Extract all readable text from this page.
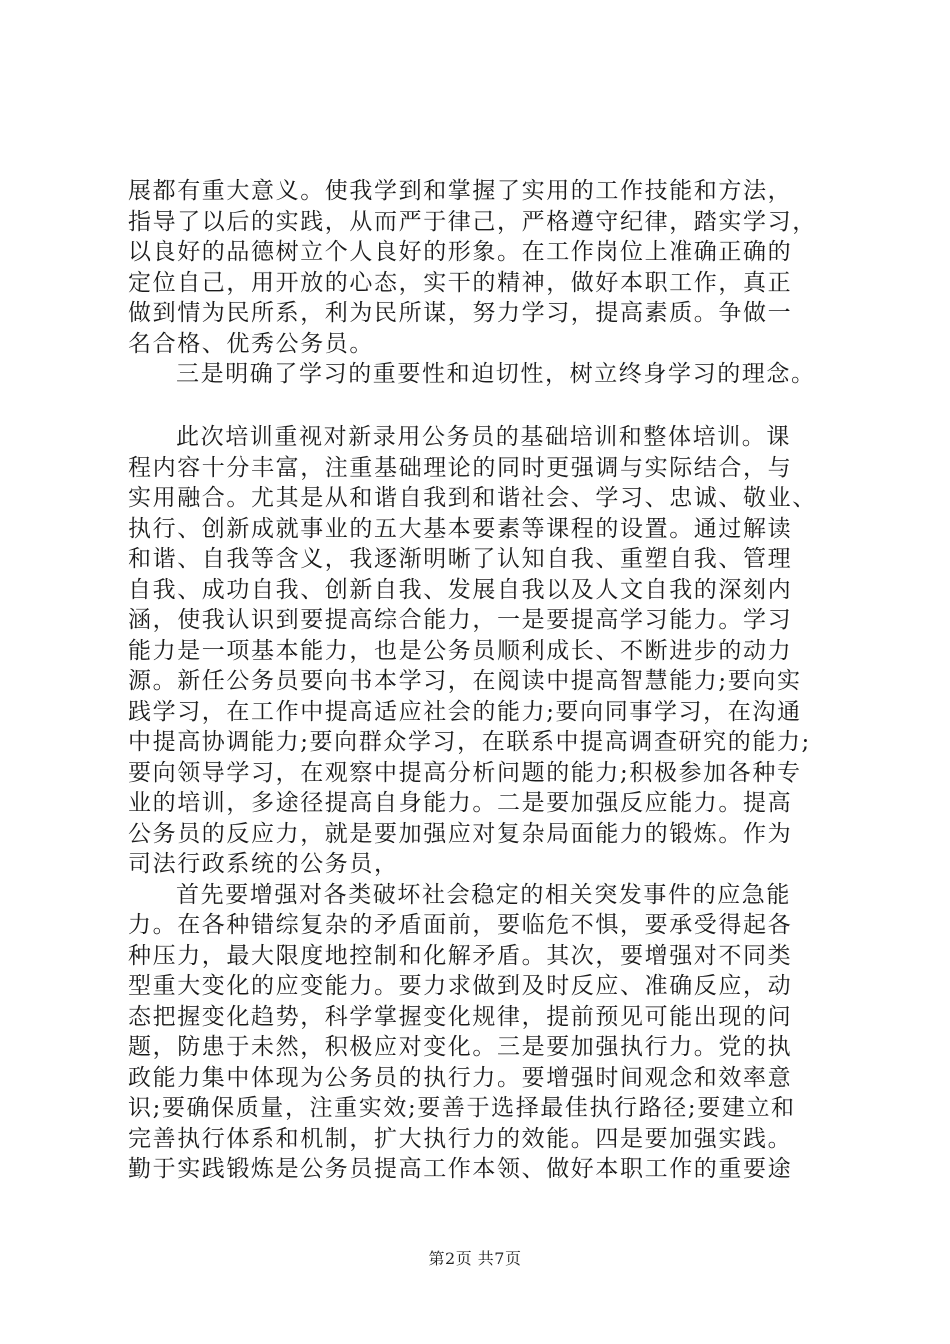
展都有重大意义。使我学到和掌握了实用的工作技能和方法，
指导了以后的实践，从而严于律己，严格遵守纪律，踏实学习，
以良好的品德树立个人良好的形象。在工作岗位上准确正确的
定位自己，用开放的心态，实干的精神，做好本职工作，真正
做到情为民所系，利为民所谋，努力学习，提高素质。争做一
名合格、优秀公务员。
三是明确了学习的重要性和迫切性，树立终身学习的理念。
此次培训重视对新录用公务员的基础培训和整体培训。课
程内容十分丰富，注重基础理论的同时更强调与实际结合，与
实用融合。尤其是从和谐自我到和谐社会、学习、忠诚、敬业、
执行、创新成就事业的五大基本要素等课程的设置。通过解读
和谐、自我等含义，我逐渐明晰了认知自我、重塑自我、管理
自我、成功自我、创新自我、发展自我以及人文自我的深刻内
涵，使我认识到要提高综合能力，一是要提高学习能力。学习
能力是一项基本能力，也是公务员顺利成长、不断进步的动力
源。新任公务员要向书本学习，在阅读中提高智慧能力;要向实
践学习，在工作中提高适应社会的能力;要向同事学习，在沟通
中提高协调能力;要向群众学习，在联系中提高调查研究的能力;
要向领导学习，在观察中提高分析问题的能力;积极参加各种专
业的培训，多途径提高自身能力。二是要加强反应能力。提高
公务员的反应力，就是要加强应对复杂局面能力的锻炼。作为
司法行政系统的公务员，
首先要增强对各类破坏社会稳定的相关突发事件的应急能
力。在各种错综复杂的矛盾面前，要临危不惧，要承受得起各
种压力，最大限度地控制和化解矛盾。其次，要增强对不同类
型重大变化的应变能力。要力求做到及时反应、准确反应，动
态把握变化趋势，科学掌握变化规律，提前预见可能出现的问
题，防患于未然，积极应对变化。三是要加强执行力。党的执
政能力集中体现为公务员的执行力。要增强时间观念和效率意
识;要确保质量，注重实效;要善于选择最佳执行路径;要建立和
完善执行体系和机制，扩大执行力的效能。四是要加强实践。
勤于实践锻炼是公务员提高工作本领、做好本职工作的重要途
第2页 共7页
